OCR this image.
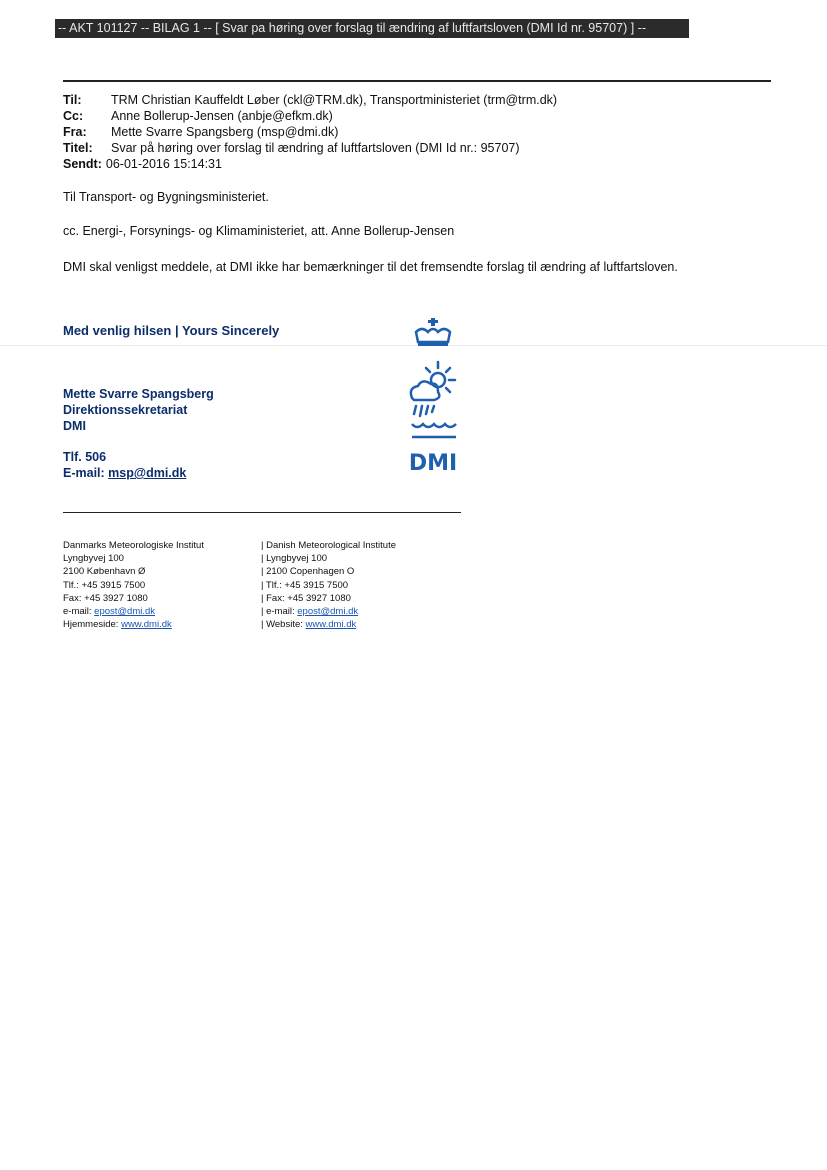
-- AKT 101127 -- BILAG 1 -- [ Svar pa høring over forslag til ændring af luftfartsloven (DMI Id nr. 95707) ] --
Til: TRM Christian Kauffeldt Løber (ckl@TRM.dk), Transportministeriet (trm@trm.dk)
Cc: Anne Bollerup-Jensen (anbje@efkm.dk)
Fra: Mette Svarre Spangsberg (msp@dmi.dk)
Titel: Svar på høring over forslag til ændring af luftfartsloven (DMI Id nr.: 95707)
Sendt: 06-01-2016 15:14:31
Til Transport- og Bygningsministeriet.
cc. Energi-, Forsynings- og Klimaministeriet, att. Anne Bollerup-Jensen
DMI skal venligst meddele, at DMI ikke har bemærkninger til det fremsendte forslag til ændring af luftfartsloven.
Med venlig hilsen | Yours Sincerely
Mette Svarre Spangsberg
Direktionssekretariat
DMI
Tlf. 506
E-mail: msp@dmi.dk	DMI
Danmarks Meteorologiske Institut
Lyngbyvej 100
2100 København Ø
Tlf.: +45 3915 7500
Fax: +45 3927 1080
e-mail: epost@dmi.dk
Hjemmeside: www.dmi.dk
| Danish Meteorological Institute
| Lyngbyvej 100
| 2100 Copenhagen O
| Tlf.: +45 3915 7500
| Fax: +45 3927 1080
| e-mail: epost@dmi.dk
| Website: www.dmi.dk
